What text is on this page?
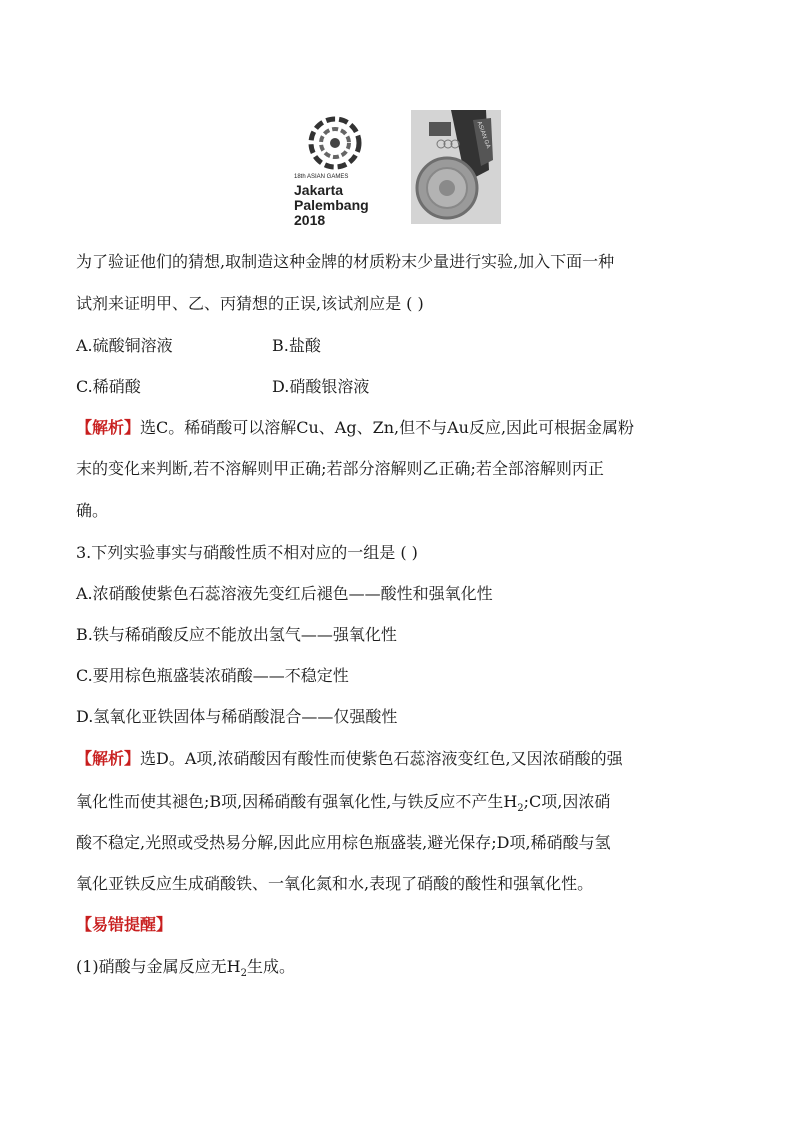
18th ASIAN GAMES
Jakarta
Palembang
2018
ASIAN GA
为了验证他们的猜想,取制造这种金牌的材质粉末少量进行实验,加入下面一种
试剂来证明甲、乙、丙猜想的正误,该试剂应是 ( )
A.硫酸铜溶液	B.盐酸
C.稀硝酸	D.硝酸银溶液
【解析】选C。稀硝酸可以溶解Cu、Ag、Zn,但不与Au反应,因此可根据金属粉
末的变化来判断,若不溶解则甲正确;若部分溶解则乙正确;若全部溶解则丙正
确。
3.下列实验事实与硝酸性质不相对应的一组是 ( )
A.浓硝酸使紫色石蕊溶液先变红后褪色——酸性和强氧化性
B.铁与稀硝酸反应不能放出氢气——强氧化性
C.要用棕色瓶盛装浓硝酸——不稳定性
D.氢氧化亚铁固体与稀硝酸混合——仅强酸性
【解析】选D。A项,浓硝酸因有酸性而使紫色石蕊溶液变红色,又因浓硝酸的强
氧化性而使其褪色;B项,因稀硝酸有强氧化性,与铁反应不产生$H_2;C$项,因浓硝
酸不稳定,光照或受热易分解,因此应用棕色瓶盛装,避光保存;D项,稀硝酸与氢
氧化亚铁反应生成硝酸铁、一氧化氮和水,表现了硝酸的酸性和强氧化性。
【易错提醒】
(1)硝酸与金属反应无$H_2$生成。
